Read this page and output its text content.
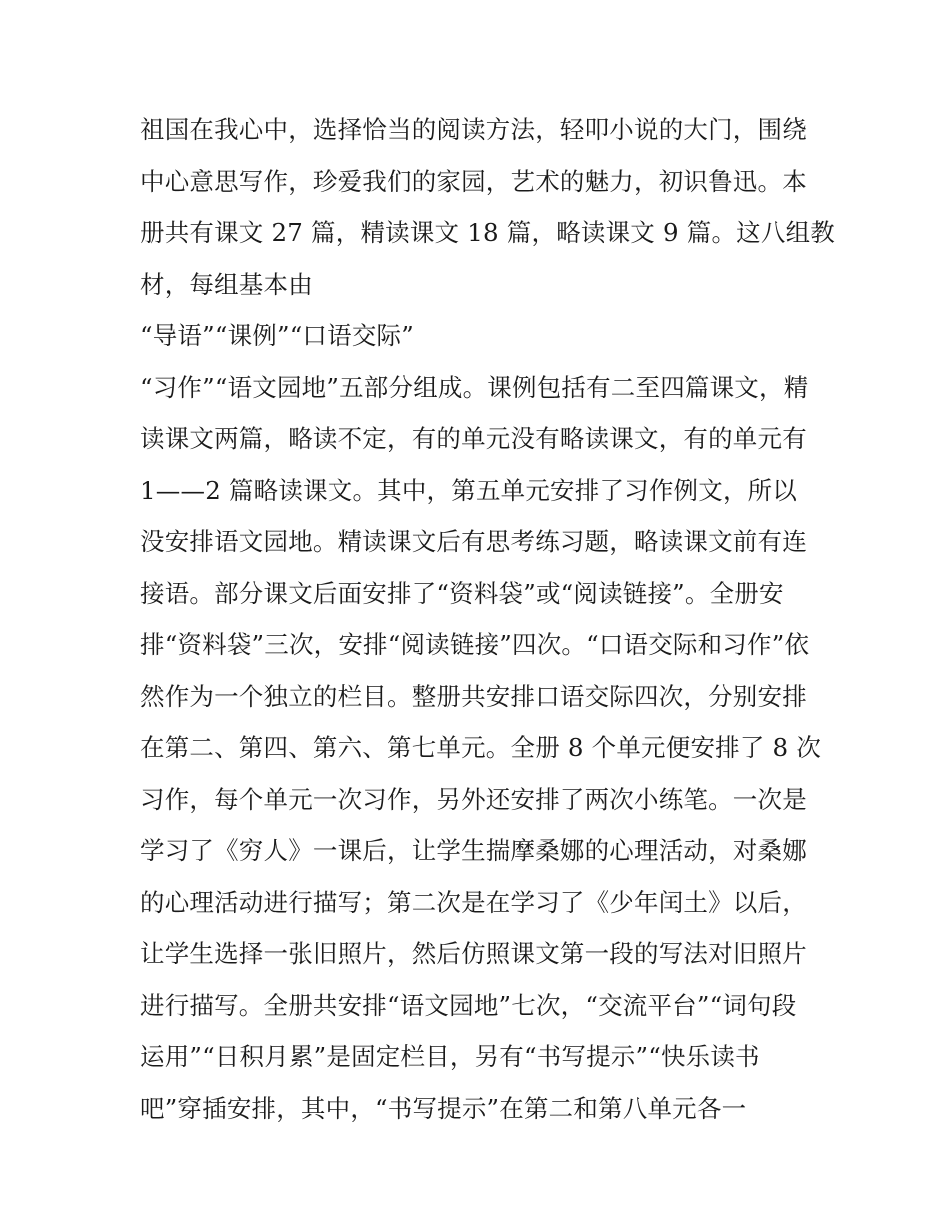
祖国在我心中，选择恰当的阅读方法，轻叩小说的大门，围绕
中心意思写作，珍爱我们的家园，艺术的魅力，初识鲁迅。本
册共有课文 27 篇，精读课文 18 篇，略读课文 9 篇。这八组教
材，每组基本由
“导语”“课例”“口语交际”
“习作”“语文园地”五部分组成。课例包括有二至四篇课文，精
读课文两篇，略读不定，有的单元没有略读课文，有的单元有
1——2 篇略读课文。其中，第五单元安排了习作例文，所以
没安排语文园地。精读课文后有思考练习题，略读课文前有连
接语。部分课文后面安排了“资料袋”或“阅读链接”。全册安
排“资料袋”三次，安排“阅读链接”四次。“口语交际和习作”依
然作为一个独立的栏目。整册共安排口语交际四次，分别安排
在第二、第四、第六、第七单元。全册 8 个单元便安排了 8 次
习作，每个单元一次习作，另外还安排了两次小练笔。一次是
学习了《穷人》一课后，让学生揣摩桑娜的心理活动，对桑娜
的心理活动进行描写；第二次是在学习了《少年闰土》以后，
让学生选择一张旧照片，然后仿照课文第一段的写法对旧照片
进行描写。全册共安排“语文园地”七次，“交流平台”“词句段
运用”“日积月累”是固定栏目，另有“书写提示”“快乐读书
吧”穿插安排，其中，“书写提示”在第二和第八单元各一
